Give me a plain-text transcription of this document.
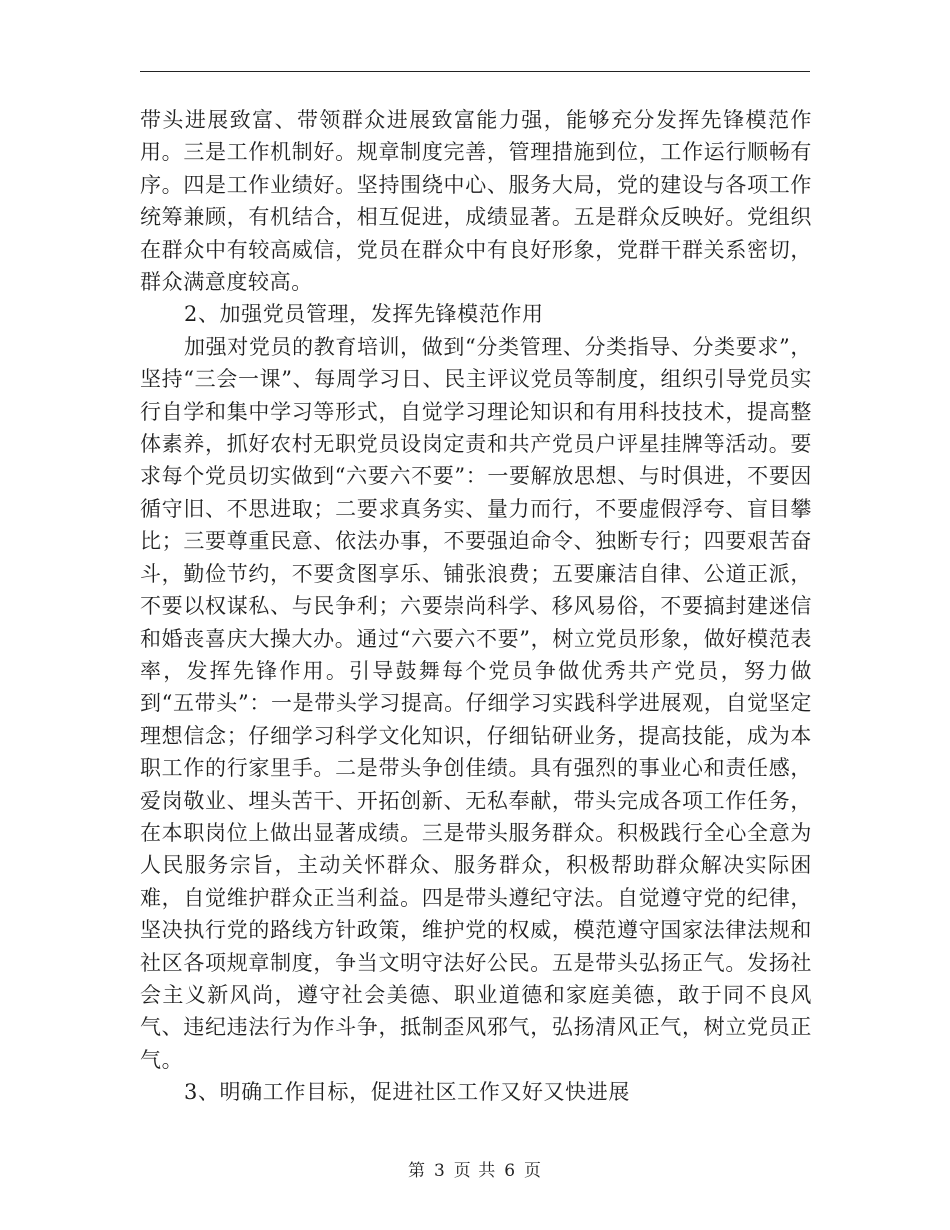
带头进展致富、带领群众进展致富能力强，能够充分发挥先锋模范作用。三是工作机制好。规章制度完善，管理措施到位，工作运行顺畅有序。四是工作业绩好。坚持围绕中心、服务大局，党的建设与各项工作统筹兼顾，有机结合，相互促进，成绩显著。五是群众反映好。党组织在群众中有较高威信，党员在群众中有良好形象，党群干群关系密切，群众满意度较高。

2、加强党员管理，发挥先锋模范作用

加强对党员的教育培训，做到“分类管理、分类指导、分类要求”，坚持“三会一课”、每周学习日、民主评议党员等制度，组织引导党员实行自学和集中学习等形式，自觉学习理论知识和有用科技技术，提高整体素养，抓好农村无职党员设岗定责和共产党员户评星挂牌等活动。要求每个党员切实做到“六要六不要”：一要解放思想、与时俱进，不要因循守旧、不思进取；二要求真务实、量力而行，不要虚假浮夸、盲目攀比；三要尊重民意、依法办事，不要强迫命令、独断专行；四要艰苦奋斗，勤俭节约，不要贪图享乐、铺张浪费；五要廉洁自律、公道正派，不要以权谋私、与民争利；六要崇尚科学、移风易俗，不要搞封建迷信和婚丧喜庆大操大办。通过“六要六不要”，树立党员形象，做好模范表率，发挥先锋作用。引导鼓舞每个党员争做优秀共产党员，努力做到“五带头”：一是带头学习提高。仔细学习实践科学进展观，自觉坚定理想信念；仔细学习科学文化知识，仔细钻研业务，提高技能，成为本职工作的行家里手。二是带头争创佳绩。具有强烈的事业心和责任感，爱岗敬业、埋头苦干、开拓创新、无私奉献，带头完成各项工作任务，在本职岗位上做出显著成绩。三是带头服务群众。积极践行全心全意为人民服务宗旨，主动关怀群众、服务群众，积极帮助群众解决实际困难，自觉维护群众正当利益。四是带头遵纪守法。自觉遵守党的纪律，坚决执行党的路线方针政策，维护党的权威，模范遵守国家法律法规和社区各项规章制度，争当文明守法好公民。五是带头弘扬正气。发扬社会主义新风尚，遵守社会美德、职业道德和家庭美德，敢于同不良风气、违纪违法行为作斗争，抵制歪风邪气，弘扬清风正气，树立党员正气。

3、明确工作目标，促进社区工作又好又快进展

第 3 页 共 6 页
